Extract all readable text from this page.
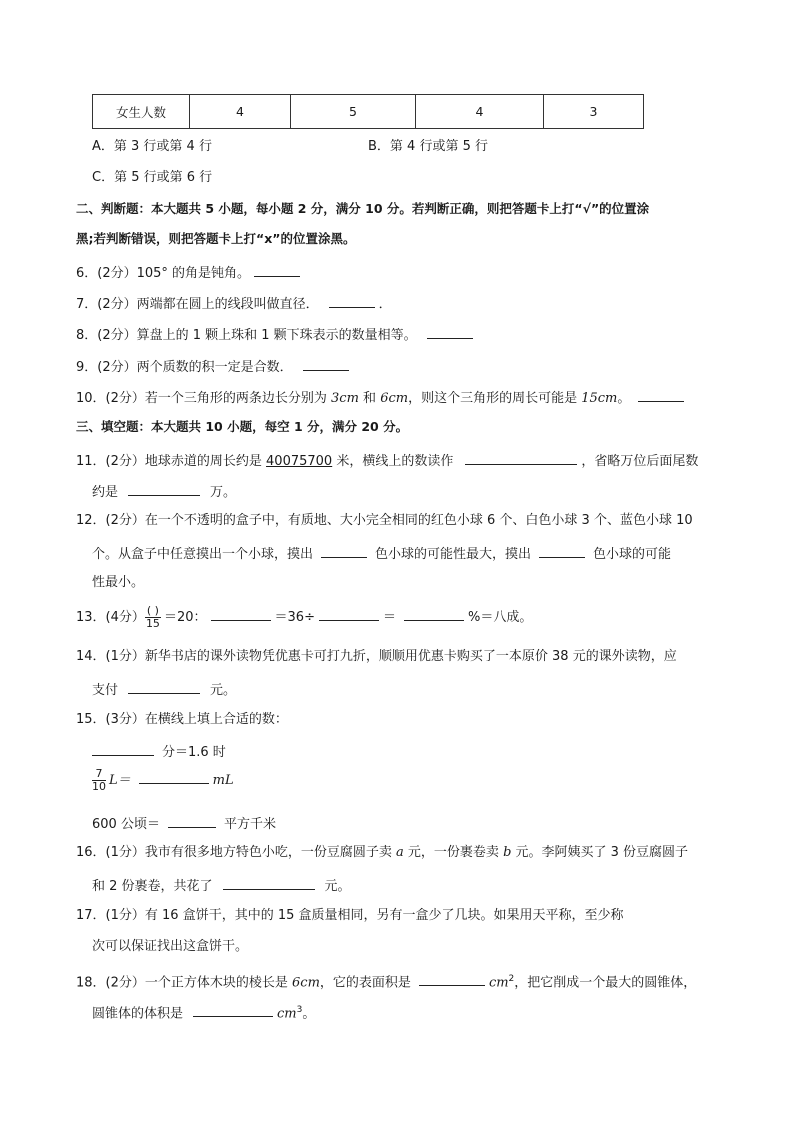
女生人数	4	5	4	3
A．第 3 行或第 4 行	B．第 4 行或第 5 行
C．第 5 行或第 6 行
二、判断题：本大题共 5 小题，每小题 2 分，满分 10 分。若判断正确，则把答题卡上打“√”的位置涂
黑;若判断错误，则把答题卡上打“x”的位置涂黑。
6．(2分）105° 的角是钝角。
7．(2分）两端都在圆上的线段叫做直径．	．
8．(2分）算盘上的 1 颗上珠和 1 颗下珠表示的数量相等。
9．(2分）两个质数的积一定是合数．
10．(2分）若一个三角形的两条边长分别为 3cm 和 6cm，则这个三角形的周长可能是 15cm。
三、填空题：本大题共 10 小题，每空 1 分，满分 20 分。
11．(2分）地球赤道的周长约是 40075700 米，横线上的数读作	，省略万位后面尾数
约是	万。
12．(2分）在一个不透明的盒子中，有质地、大小完全相同的红色小球 6 个、白色小球 3 个、蓝色小球 10
个。从盒子中任意摸出一个小球，摸出	色小球的可能性最大，摸出	色小球的可能
性最小。
13．(4分） $\frac{( )}{15} =20$：	＝36÷	＝	%＝八成。
14．(1分）新华书店的课外读物凭优惠卡可打九折，顺顺用优惠卡购买了一本原价 38 元的课外读物，应
支付	元。
15．(3分）在横线上填上合适的数：
分＝1.6 时
$\frac{7}{10} L=$	mL
600 公顷＝	平方千米
16．(1分）我市有很多地方特色小吃，一份豆腐圆子卖 a 元，一份裹卷卖 b 元。李阿姨买了 3 份豆腐圆子
和 2 份裹卷，共花了	元。
17．(1分）有 16 盒饼干，其中的 15 盒质量相同，另有一盒少了几块。如果用天平称，至少称
次可以保证找出这盒饼干。
18．(2分）一个正方体木块的棱长是 6cm，它的表面积是	$cm^2$，把它削成一个最大的圆锥体，
圆锥体的体积是	$cm^3$。
